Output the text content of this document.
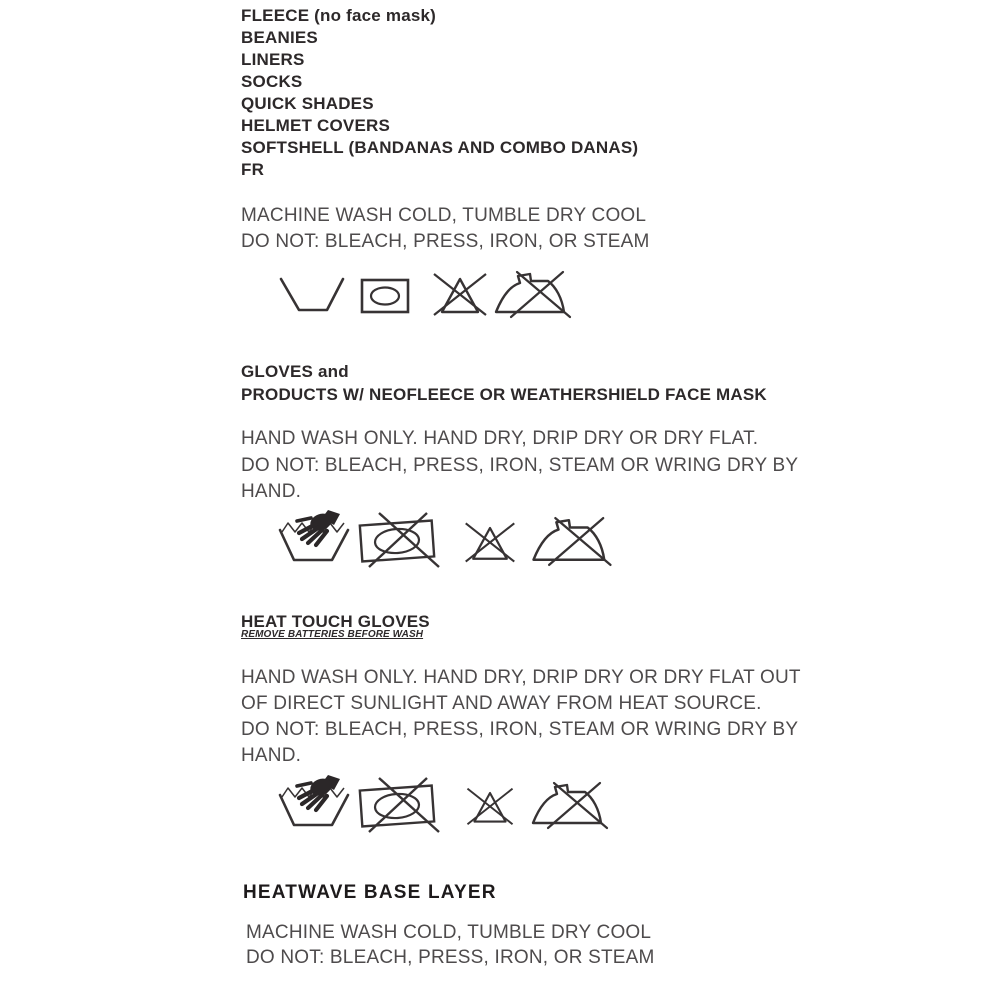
FLEECE (no face mask)
BEANIES
LINERS
SOCKS
QUICK SHADES
HELMET COVERS
SOFTSHELL (BANDANAS AND COMBO DANAS)
FR
MACHINE WASH COLD, TUMBLE DRY COOL
DO NOT: BLEACH, PRESS, IRON, OR STEAM
GLOVES and
PRODUCTS W/ NEOFLEECE OR WEATHERSHIELD FACE MASK
HAND WASH ONLY. HAND DRY, DRIP DRY OR DRY FLAT.
DO NOT: BLEACH, PRESS, IRON, STEAM OR WRING DRY BY
HAND.
HEAT TOUCH GLOVES
REMOVE BATTERIES BEFORE WASH
HAND WASH ONLY. HAND DRY, DRIP DRY OR DRY FLAT OUT
OF DIRECT SUNLIGHT AND AWAY FROM HEAT SOURCE.
DO NOT: BLEACH, PRESS, IRON, STEAM OR WRING DRY BY
HAND.
HEATWAVE BASE LAYER
MACHINE WASH COLD, TUMBLE DRY COOL
DO NOT: BLEACH, PRESS, IRON, OR STEAM
